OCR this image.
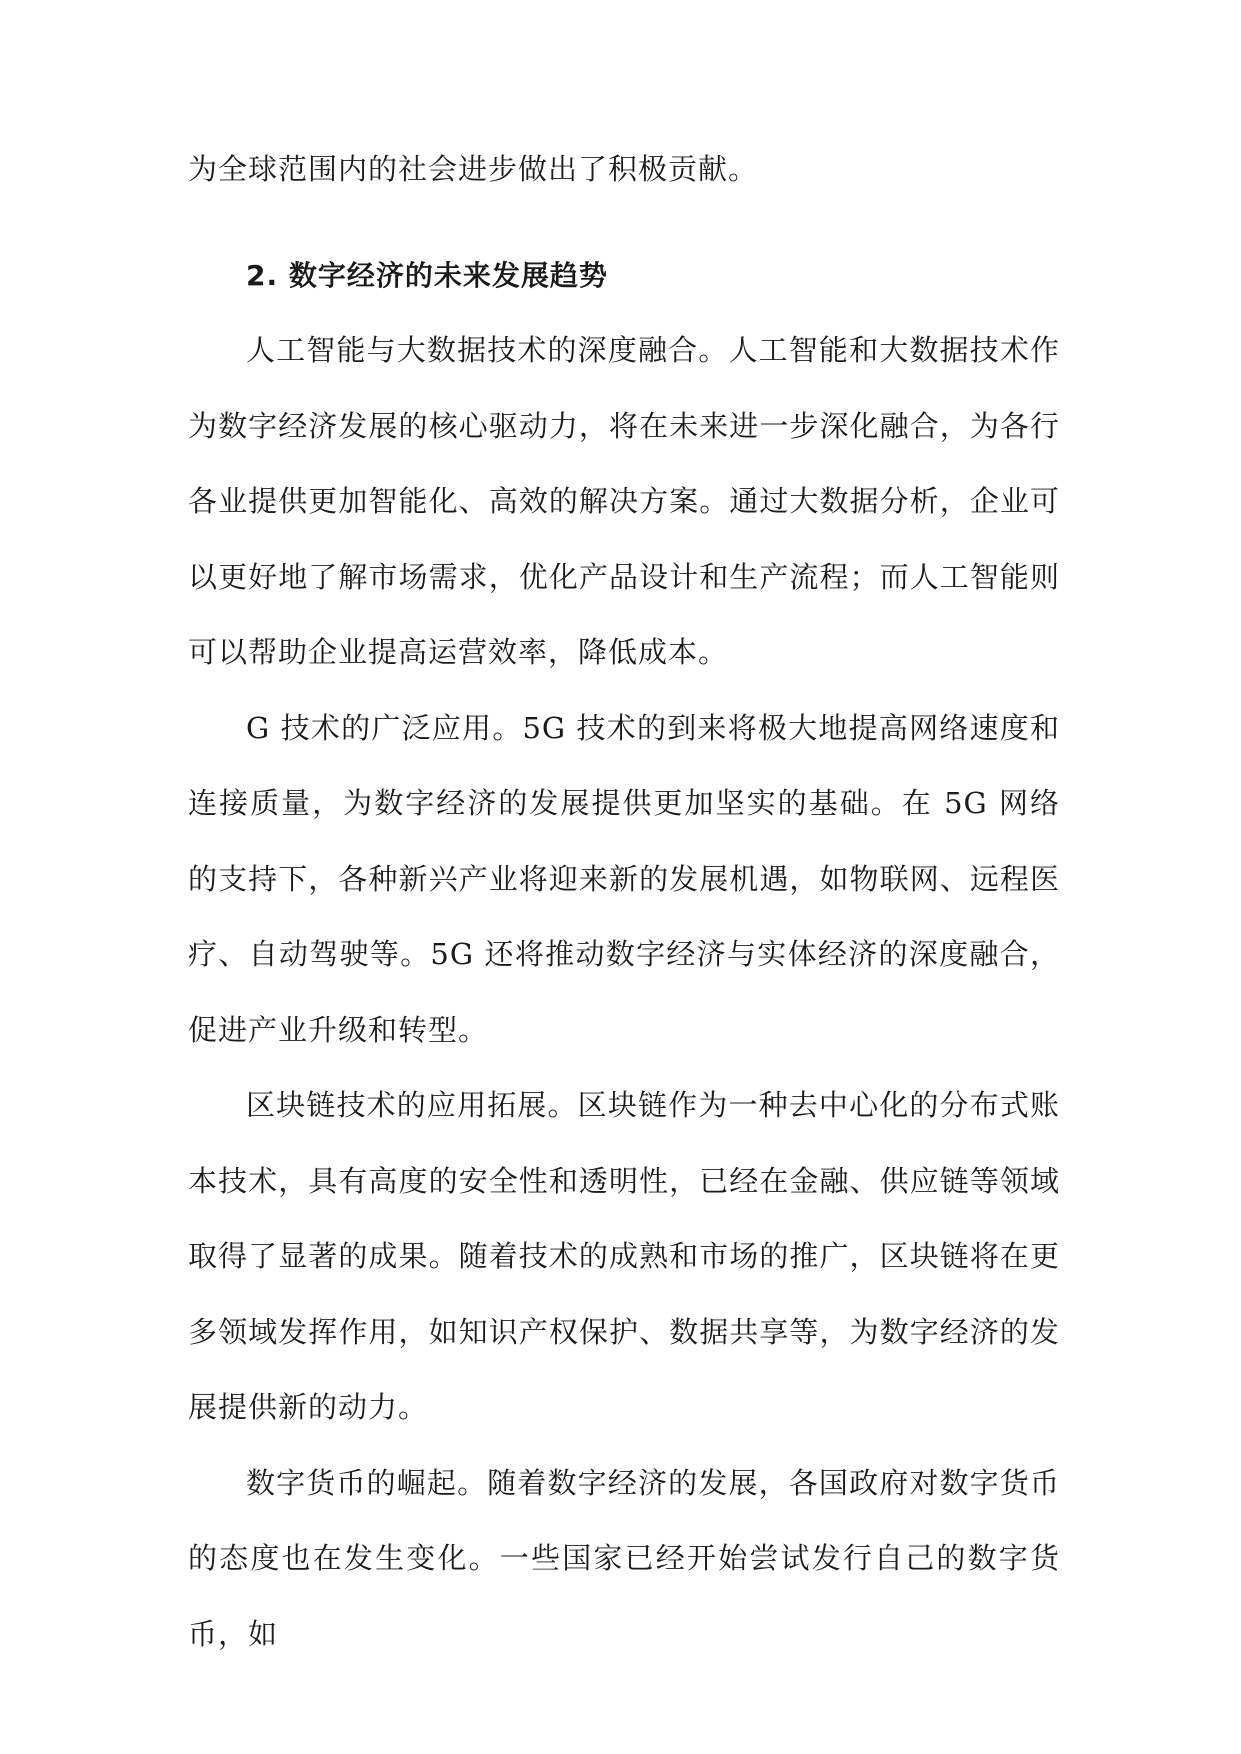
为全球范围内的社会进步做出了积极贡献。

2. 数字经济的未来发展趋势

人工智能与大数据技术的深度融合。人工智能和大数据技术作为数字经济发展的核心驱动力，将在未来进一步深化融合，为各行各业提供更加智能化、高效的解决方案。通过大数据分析，企业可以更好地了解市场需求，优化产品设计和生产流程；而人工智能则可以帮助企业提高运营效率，降低成本。

G 技术的广泛应用。5G 技术的到来将极大地提高网络速度和连接质量，为数字经济的发展提供更加坚实的基础。在 5G 网络的支持下，各种新兴产业将迎来新的发展机遇，如物联网、远程医疗、自动驾驶等。5G 还将推动数字经济与实体经济的深度融合，促进产业升级和转型。

区块链技术的应用拓展。区块链作为一种去中心化的分布式账本技术，具有高度的安全性和透明性，已经在金融、供应链等领域取得了显著的成果。随着技术的成熟和市场的推广，区块链将在更多领域发挥作用，如知识产权保护、数据共享等，为数字经济的发展提供新的动力。

数字货币的崛起。随着数字经济的发展，各国政府对数字货币的态度也在发生变化。一些国家已经开始尝试发行自己的数字货币，如
